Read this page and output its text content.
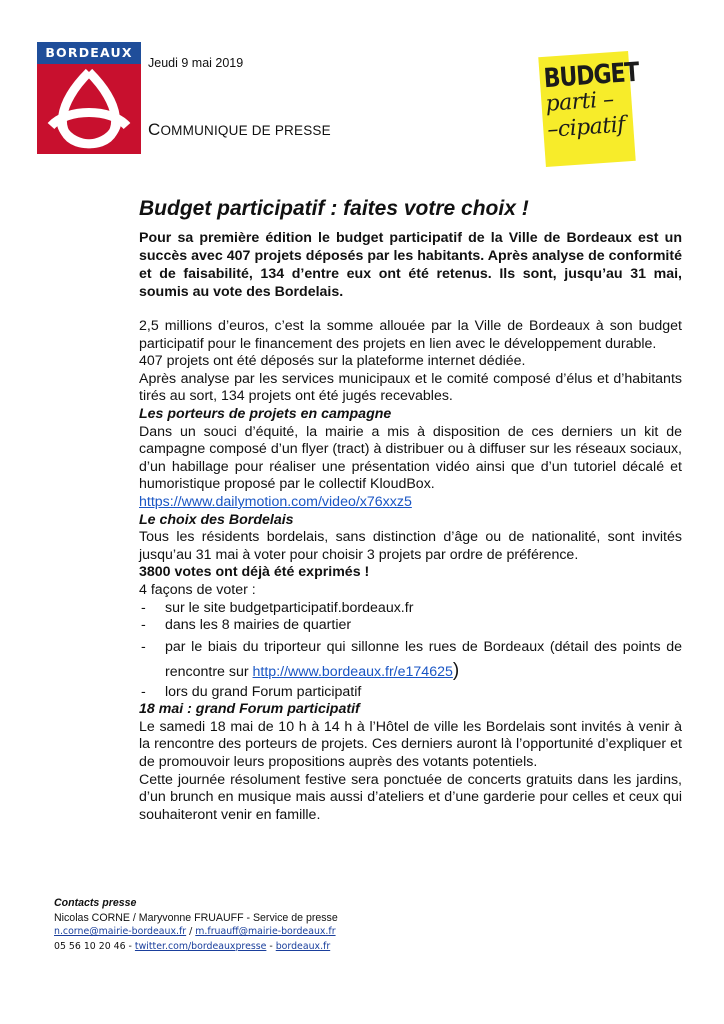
BORDEAUX
Jeudi 9 mai 2019
COMMUNIQUE DE PRESSE
BUDGET
parti –
–cipatif
Budget participatif : faites votre choix !

Pour sa première édition le budget participatif de la Ville de Bordeaux est un succès avec 407 projets déposés par les habitants. Après analyse de conformité et de faisabilité, 134 d’entre eux ont été retenus. Ils sont, jusqu’au 31 mai, soumis au vote des Bordelais.

2,5 millions d’euros, c’est la somme allouée par la Ville de Bordeaux à son budget participatif pour le financement des projets en lien avec le développement durable.

407 projets ont été déposés sur la plateforme internet dédiée.

Après analyse par les services municipaux et le comité composé d’élus et d’habitants tirés au sort, 134 projets ont été jugés recevables.

Les porteurs de projets en campagne

Dans un souci d’équité, la mairie a mis à disposition de ces derniers un kit de campagne composé d’un flyer (tract) à distribuer ou à diffuser sur les réseaux sociaux, d’un habillage pour réaliser une présentation vidéo ainsi que d’un tutoriel décalé et humoristique proposé par le collectif KloudBox.

https://www.dailymotion.com/video/x76xxz5

Le choix des Bordelais

Tous les résidents bordelais, sans distinction d’âge ou de nationalité, sont invités jusqu’au 31 mai à voter pour choisir 3 projets par ordre de préférence.

3800 votes ont déjà été exprimés !

4 façons de voter :

- sur le site budgetparticipatif.bordeaux.fr
- dans les 8 mairies de quartier
- par le biais du triporteur qui sillonne les rues de Bordeaux (détail des points de rencontre sur http://www.bordeaux.fr/e174625)
- lors du grand Forum participatif

18 mai : grand Forum participatif

Le samedi 18 mai de 10 h à 14 h à l’Hôtel de ville les Bordelais sont invités à venir à la rencontre des porteurs de projets. Ces derniers auront là l’opportunité d’expliquer et de promouvoir leurs propositions auprès des votants potentiels.

Cette journée résolument festive sera ponctuée de concerts gratuits dans les jardins, d’un brunch en musique mais aussi d’ateliers et d’une garderie pour celles et ceux qui souhaiteront venir en famille.

Contacts presse
Nicolas CORNE / Maryvonne FRUAUFF - Service de presse
n.corne@mairie-bordeaux.fr / m.fruauff@mairie-bordeaux.fr
05 56 10 20 46 - twitter.com/bordeauxpresse - bordeaux.fr
